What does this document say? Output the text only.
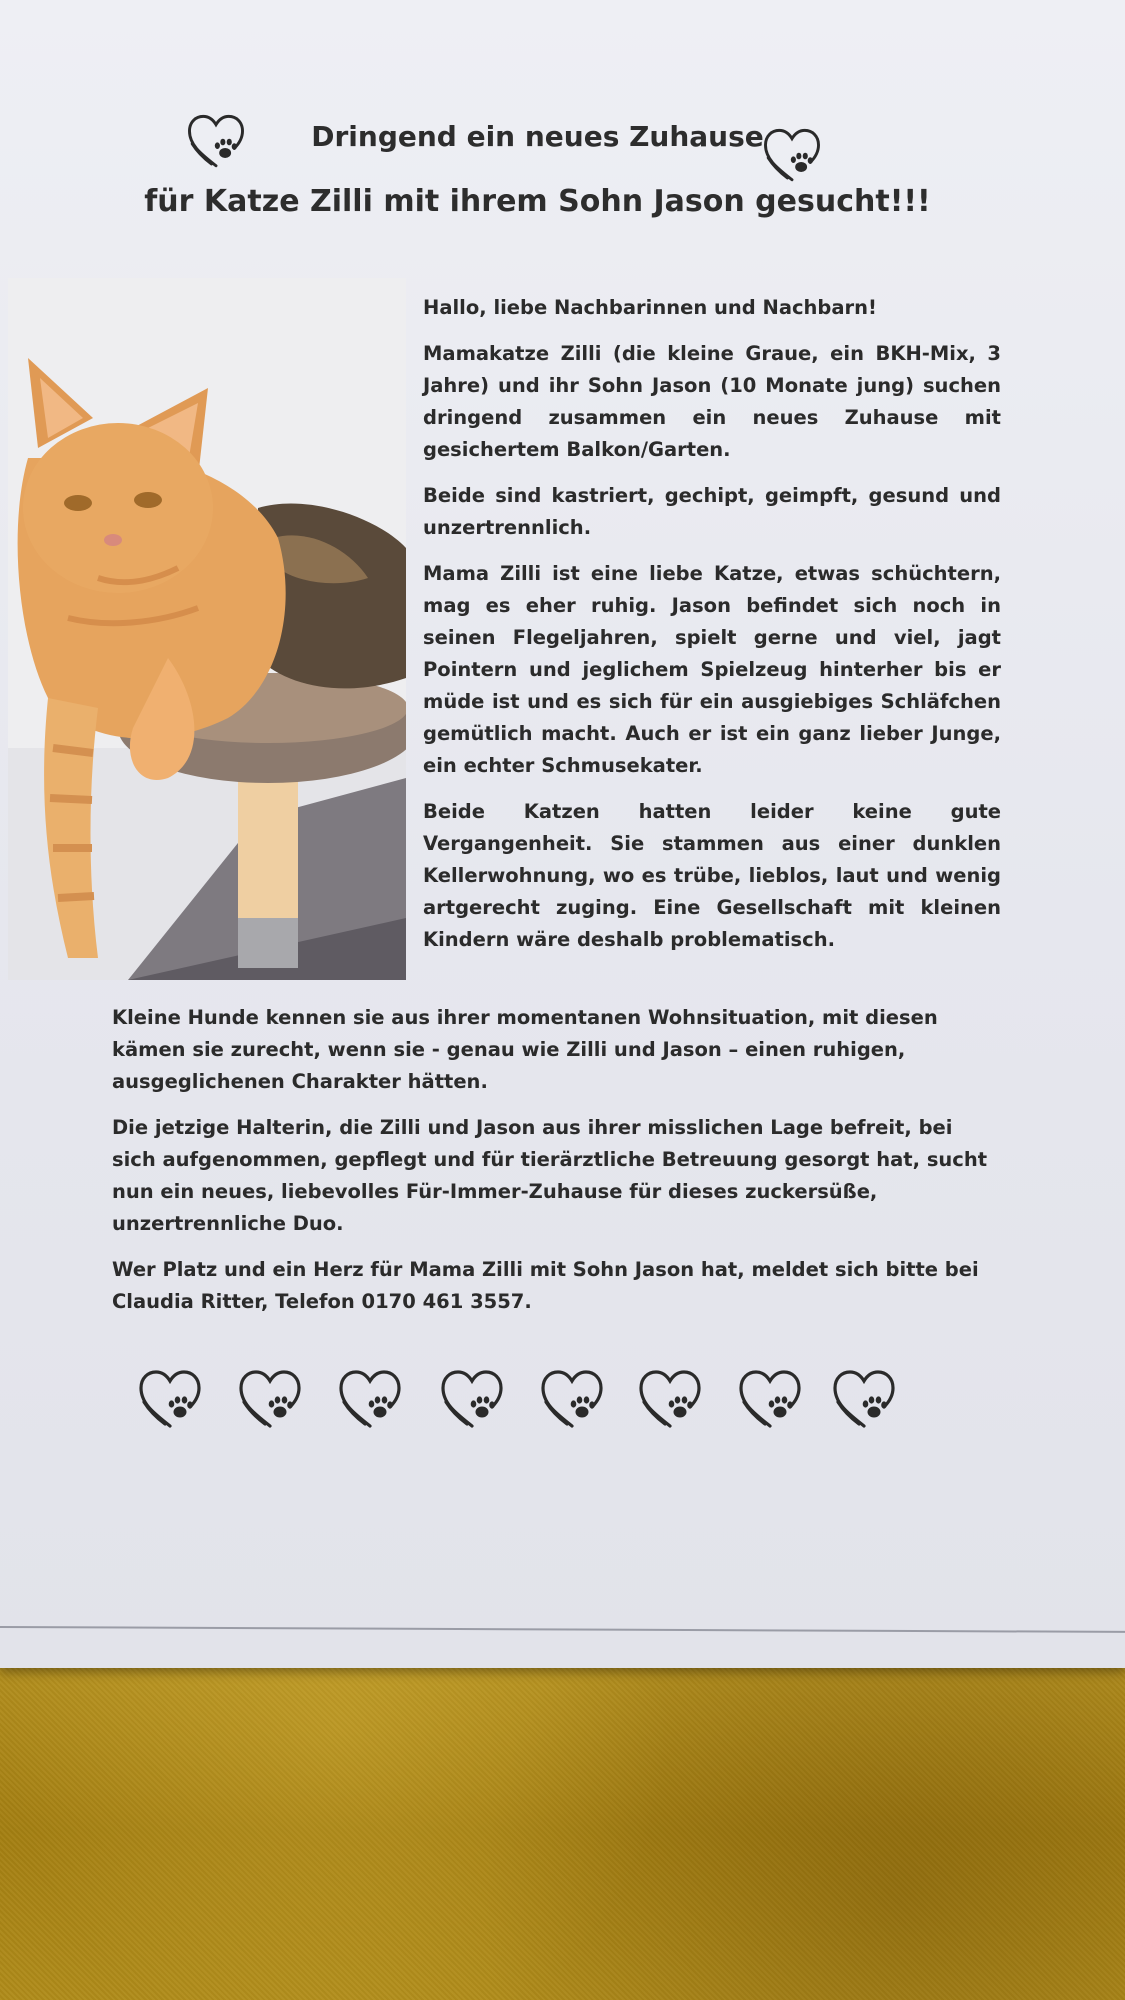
Dringend ein neues Zuhause
für Katze Zilli mit ihrem Sohn Jason gesucht!!!

Hallo, liebe Nachbarinnen und Nachbarn!

Mamakatze Zilli (die kleine Graue, ein BKH-Mix, 3 Jahre) und ihr Sohn Jason (10 Monate jung) suchen dringend zusammen ein neues Zuhause mit gesichertem Balkon/Garten.

Beide sind kastriert, gechipt, geimpft, gesund und unzertrennlich.

Mama Zilli ist eine liebe Katze, etwas schüchtern, mag es eher ruhig. Jason befindet sich noch in seinen Flegeljahren, spielt gerne und viel, jagt Pointern und jeglichem Spielzeug hinterher bis er müde ist und es sich für ein ausgiebiges Schläfchen gemütlich macht. Auch er ist ein ganz lieber Junge, ein echter Schmusekater.

Beide Katzen hatten leider keine gute Vergangenheit. Sie stammen aus einer dunklen Kellerwohnung, wo es trübe, lieblos, laut und wenig artgerecht zuging. Eine Gesellschaft mit kleinen Kindern wäre deshalb problematisch.

Kleine Hunde kennen sie aus ihrer momentanen Wohnsituation, mit diesen kämen sie zurecht, wenn sie - genau wie Zilli und Jason – einen ruhigen, ausgeglichenen Charakter hätten.

Die jetzige Halterin, die Zilli und Jason aus ihrer misslichen Lage befreit, bei sich aufgenommen, gepflegt und für tierärztliche Betreuung gesorgt hat, sucht nun ein neues, liebevolles Für-Immer-Zuhause für dieses zuckersüße, unzertrennliche Duo.

Wer Platz und ein Herz für Mama Zilli mit Sohn Jason hat, meldet sich bitte bei Claudia Ritter, Telefon 0170 461 3557.
